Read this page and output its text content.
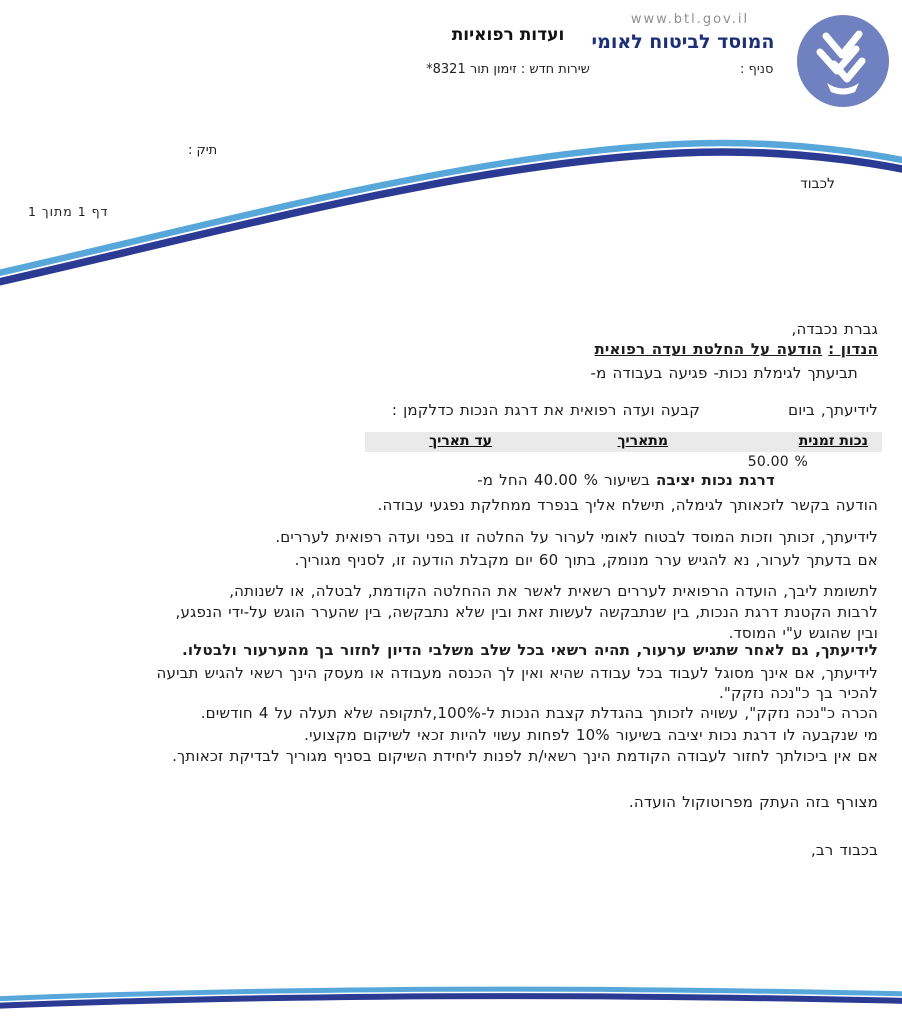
www.btl.gov.il
המוסד לביטוח לאומי
סניף :
ועדות רפואיות
שירות חדש : זימון תור 8321*
תיק :
לכבוד
דף 1 מתוך 1
גברת נכבדה,
הנדון : הודעה על החלטת ועדה רפואית
תביעתך לגימלת נכות- פגיעה בעבודה מ-
לידיעתך, ביוםקבעה ועדה רפואית את דרגת הנכות כדלקמן :
נכות זמנית
מתאריך
עד תאריך
50.00 %
דרגת נכות יציבה בשיעור 40.00 % החל מ-
הודעה בקשר לזכאותך לגימלה, תישלח אליך בנפרד ממחלקת נפגעי עבודה.
לידיעתך, זכותך וזכות המוסד לבטוח לאומי לערור על החלטה זו בפני ועדה רפואית לעררים.
אם בדעתך לערור, נא להגיש ערר מנומק, בתוך 60 יום מקבלת הודעה זו, לסניף מגוריך.
לתשומת ליבך, הועדה הרפואית לעררים רשאית לאשר את ההחלטה הקודמת, לבטלה, או לשנותה,
לרבות הקטנת דרגת הנכות, בין שנתבקשה לעשות זאת ובין שלא נתבקשה, בין שהערר הוגש על-ידי הנפגע,
ובין שהוגש ע"י המוסד.
לידיעתך, גם לאחר שתגיש ערעור, תהיה רשאי בכל שלב משלבי הדיון לחזור בך מהערעור ולבטלו.
לידיעתך, אם אינך מסוגל לעבוד בכל עבודה שהיא ואין לך הכנסה מעבודה או מעסק הינך רשאי להגיש תביעה
להכיר בך כ"נכה נזקק".
הכרה כ"נכה נזקק", עשויה לזכותך בהגדלת קצבת הנכות ל-100%,לתקופה שלא תעלה על 4 חודשים.
מי שנקבעה לו דרגת נכות יציבה בשיעור 10% לפחות עשוי להיות זכאי לשיקום מקצועי.
אם אין ביכולתך לחזור לעבודה הקודמת הינך רשאי/ת לפנות ליחידת השיקום בסניף מגוריך לבדיקת זכאותך.
מצורף בזה העתק מפרוטוקול הועדה.
בכבוד רב,
